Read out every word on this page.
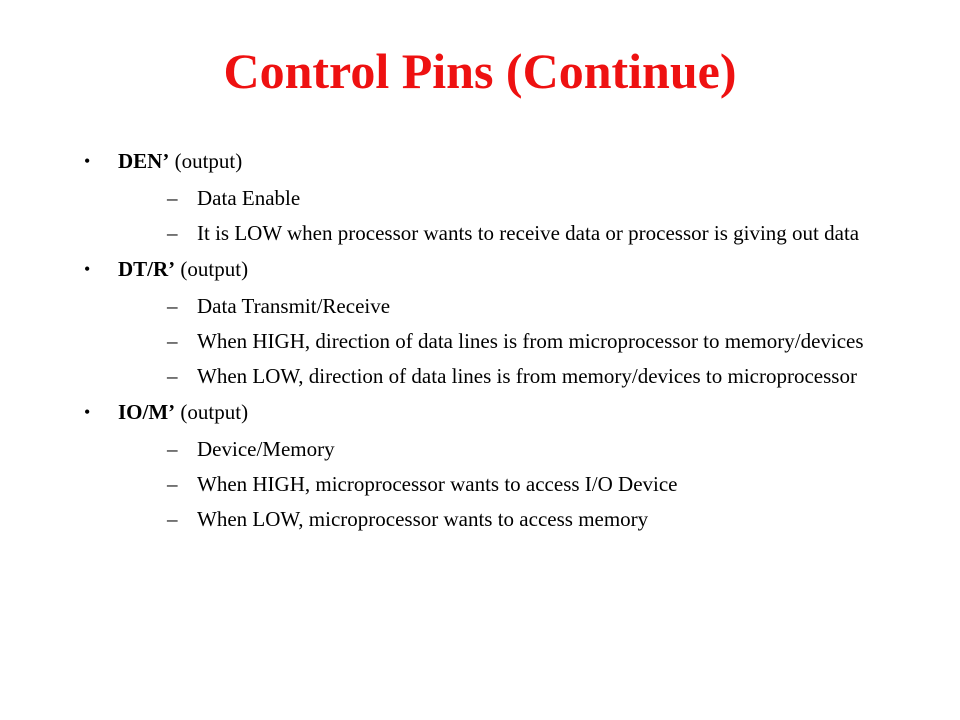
Control Pins (Continue)
• DEN’ (output)
– Data Enable
– It is LOW when processor wants to receive data or processor is giving out data
• DT/R’ (output)
– Data Transmit/Receive
– When HIGH, direction of data lines is from microprocessor to memory/devices
– When LOW, direction of data lines is from memory/devices to microprocessor
• IO/M’ (output)
– Device/Memory
– When HIGH, microprocessor wants to access I/O Device
– When LOW, microprocessor wants to access memory
